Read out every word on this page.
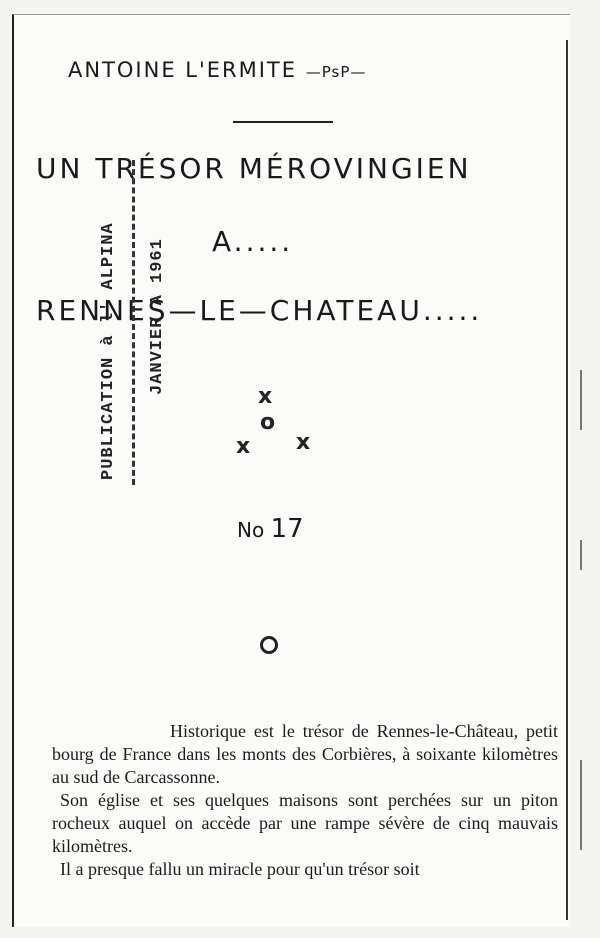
ANTOINE L'ERMITE —PsP—
UN TRÉSOR MÉROVINGIEN
A.....
RENNES—LE—CHATEAU.....
PUBLICATION à l' ALPINA JANVIER A 1961
x
o
x x
No 17

Historique est le trésor de Rennes-le-Château, petit bourg de France dans les monts des Corbières, à soixante kilomètres au sud de Carcassonne.

Son église et ses quelques maisons sont perchées sur un piton rocheux auquel on accède par une rampe sévère de cinq mauvais kilomètres.

Il a presque fallu un miracle pour qu'un trésor soit
